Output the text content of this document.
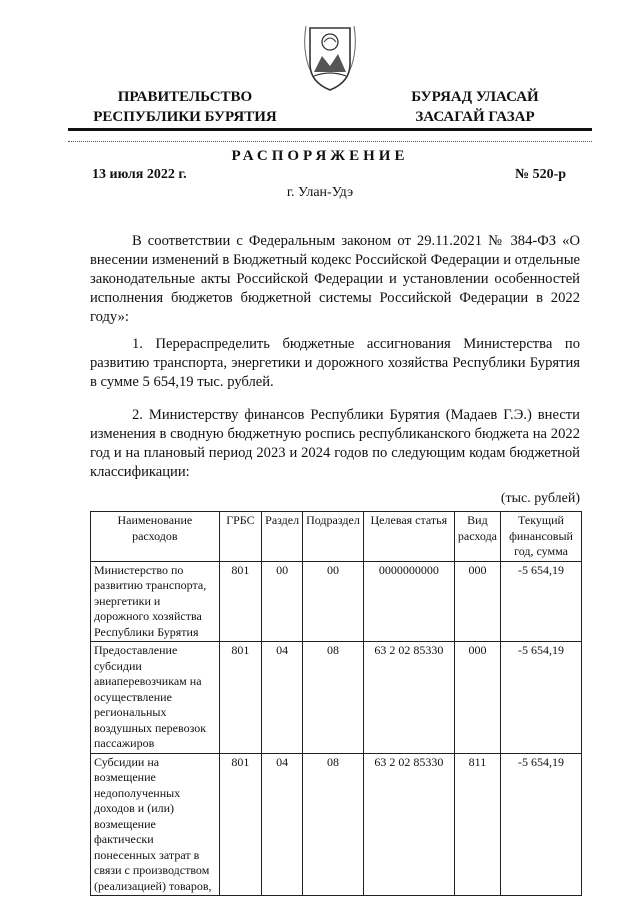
ПРАВИТЕЛЬСТВО
РЕСПУБЛИКИ БУРЯТИЯ
БУРЯАД УЛАСАЙ
ЗАСАГАЙ ГАЗАР
РАСПОРЯЖЕНИЕ
13 июля 2022 г.	№ 520-р
г. Улан-Удэ

В соответствии с Федеральным законом от 29.11.2021 № 384-ФЗ «О внесении изменений в Бюджетный кодекс Российской Федерации и отдельные законодательные акты Российской Федерации и установлении особенностей исполнения бюджетов бюджетной системы Российской Федерации в 2022 году»:

1. Перераспределить бюджетные ассигнования Министерства по развитию транспорта, энергетики и дорожного хозяйства Республики Бурятия в сумме 5 654,19 тыс. рублей.

2. Министерству финансов Республики Бурятия (Мадаев Г.Э.) внести изменения в сводную бюджетную роспись республиканского бюджета на 2022 год и на плановый период 2023 и 2024 годов по следующим кодам бюджетной классификации:

(тыс. рублей)
Наименование расходов	ГРБС	Раздел	Подраздел	Целевая статья	Вид расхода	Текущий финансовый год, сумма
Министерство по развитию транспорта, энергетики и дорожного хозяйства Республики Бурятия	801	00	00	0000000000	000	-5 654,19
Предоставление субсидии авиаперевозчикам на осуществление региональных воздушных перевозок пассажиров	801	04	08	63 2 02 85330	000	-5 654,19
Субсидии на возмещение недополученных доходов и (или) возмещение фактически понесенных затрат в связи с производством (реализацией) товаров,	801	04	08	63 2 02 85330	811	-5 654,19
